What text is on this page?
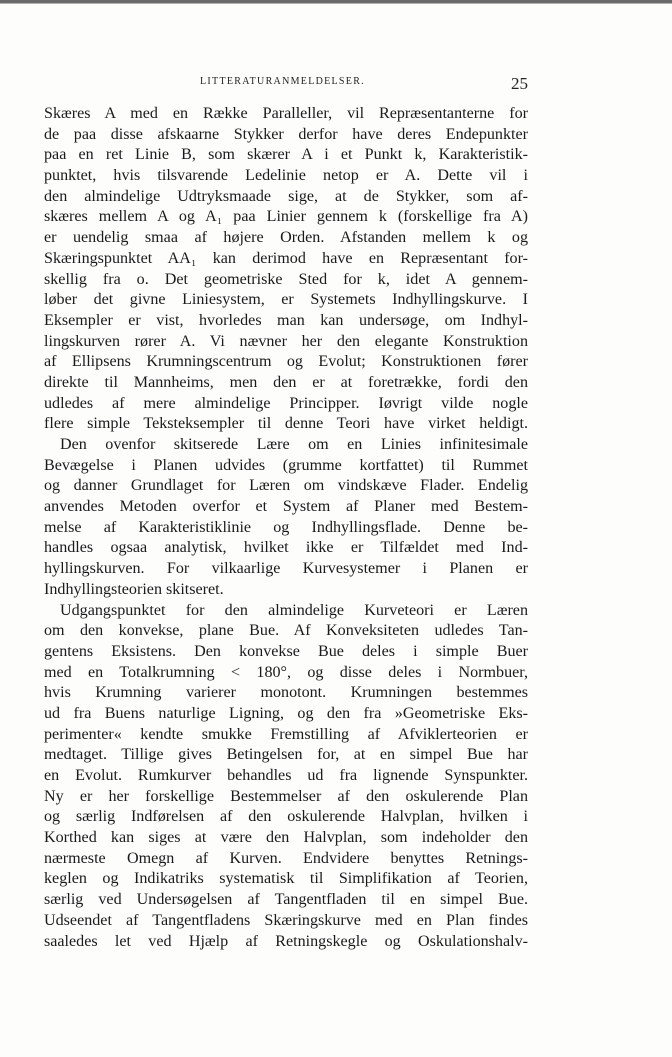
LITTERATURANMELDELSER.	25
Skæres A med en Række Paralleller, vil Repræsentanterne for
de paa disse afskaarne Stykker derfor have deres Endepunkter
paa en ret Linie B, som skærer A i et Punkt k, Karakteristik-
punktet, hvis tilsvarende Ledelinie netop er A. Dette vil i
den almindelige Udtryksmaade sige, at de Stykker, som af-
skæres mellem A og A₁ paa Linier gennem k (forskellige fra A)
er uendelig smaa af højere Orden. Afstanden mellem k og
Skæringspunktet AA₁ kan derimod have en Repræsentant for-
skellig fra o. Det geometriske Sted for k, idet A gennem-
løber det givne Liniesystem, er Systemets Indhyllingskurve. I
Eksempler er vist, hvorledes man kan undersøge, om Indhyl-
lingskurven rører A. Vi nævner her den elegante Konstruktion
af Ellipsens Krumningscentrum og Evolut; Konstruktionen fører
direkte til Mannheims, men den er at foretrække, fordi den
udledes af mere almindelige Principper. Iøvrigt vilde nogle
flere simple Teksteksempler til denne Teori have virket heldigt.
Den ovenfor skitserede Lære om en Linies infinitesimale
Bevægelse i Planen udvides (grumme kortfattet) til Rummet
og danner Grundlaget for Læren om vindskæve Flader. Endelig
anvendes Metoden overfor et System af Planer med Bestem-
melse af Karakteristiklinie og Indhyllingsflade. Denne be-
handles ogsaa analytisk, hvilket ikke er Tilfældet med Ind-
hyllingskurven. For vilkaarlige Kurvesystemer i Planen er
Indhyllingsteorien skitseret.
Udgangspunktet for den almindelige Kurveteori er Læren
om den konvekse, plane Bue. Af Konveksiteten udledes Tan-
gentens Eksistens. Den konvekse Bue deles i simple Buer
med en Totalkrumning < 180°, og disse deles i Normbuer,
hvis Krumning varierer monotont. Krumningen bestemmes
ud fra Buens naturlige Ligning, og den fra »Geometriske Eks-
perimenter« kendte smukke Fremstilling af Afviklerteorien er
medtaget. Tillige gives Betingelsen for, at en simpel Bue har
en Evolut. Rumkurver behandles ud fra lignende Synspunkter.
Ny er her forskellige Bestemmelser af den oskulerende Plan
og særlig Indførelsen af den oskulerende Halvplan, hvilken i
Korthed kan siges at være den Halvplan, som indeholder den
nærmeste Omegn af Kurven. Endvidere benyttes Retnings-
keglen og Indikatriks systematisk til Simplifikation af Teorien,
særlig ved Undersøgelsen af Tangentfladen til en simpel Bue.
Udseendet af Tangentfladens Skæringskurve med en Plan findes
saaledes let ved Hjælp af Retningskegle og Oskulationshalv-
